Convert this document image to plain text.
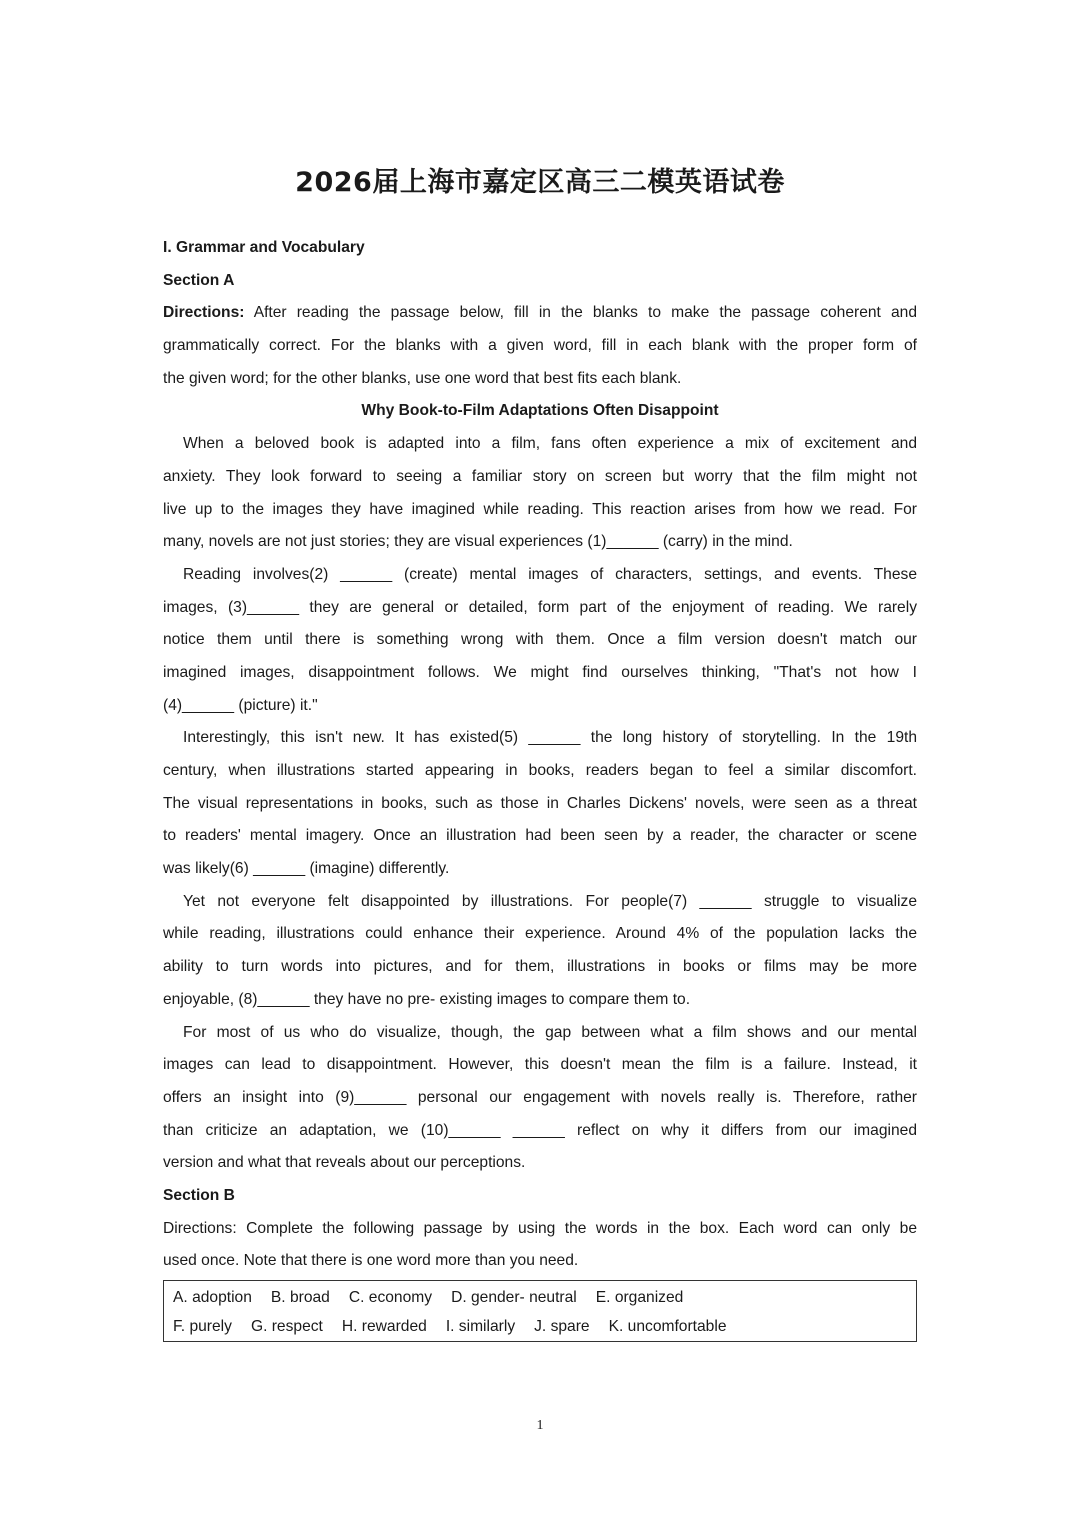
2026届上海市嘉定区高三二模英语试卷
I. Grammar and Vocabulary
Section A
Directions: After reading the passage below, fill in the blanks to make the passage coherent and
grammatically correct. For the blanks with a given word, fill in each blank with the proper form of
the given word; for the other blanks, use one word that best fits each blank.
Why Book-to-Film Adaptations Often Disappoint
When a beloved book is adapted into a film, fans often experience a mix of excitement and
anxiety. They look forward to seeing a familiar story on screen but worry that the film might not
live up to the images they have imagined while reading. This reaction arises from how we read. For
many, novels are not just stories; they are visual experiences (1)______ (carry) in the mind.
Reading involves(2) ______ (create) mental images of characters, settings, and events. These
images, (3)______ they are general or detailed, form part of the enjoyment of reading. We rarely
notice them until there is something wrong with them. Once a film version doesn't match our
imagined images, disappointment follows. We might find ourselves thinking, "That's not how I
(4)______ (picture) it."
Interestingly, this isn't new. It has existed(5) ______ the long history of storytelling. In the 19th
century, when illustrations started appearing in books, readers began to feel a similar discomfort.
The visual representations in books, such as those in Charles Dickens' novels, were seen as a threat
to readers' mental imagery. Once an illustration had been seen by a reader, the character or scene
was likely(6) ______ (imagine) differently.
Yet not everyone felt disappointed by illustrations. For people(7) ______ struggle to visualize
while reading, illustrations could enhance their experience. Around 4% of the population lacks the
ability to turn words into pictures, and for them, illustrations in books or films may be more
enjoyable, (8)______ they have no pre- existing images to compare them to.
For most of us who do visualize, though, the gap between what a film shows and our mental
images can lead to disappointment. However, this doesn't mean the film is a failure. Instead, it
offers an insight into (9)______ personal our engagement with novels really is. Therefore, rather
than criticize an adaptation, we (10)______ ______ reflect on why it differs from our imagined
version and what that reveals about our perceptions.
Section B
Directions: Complete the following passage by using the words in the box. Each word can only be
used once. Note that there is one word more than you need.
A. adoption B. broad C. economy D. gender- neutral E. organized
F. purely G. respect H. rewarded I. similarly J. spare K. uncomfortable
1
